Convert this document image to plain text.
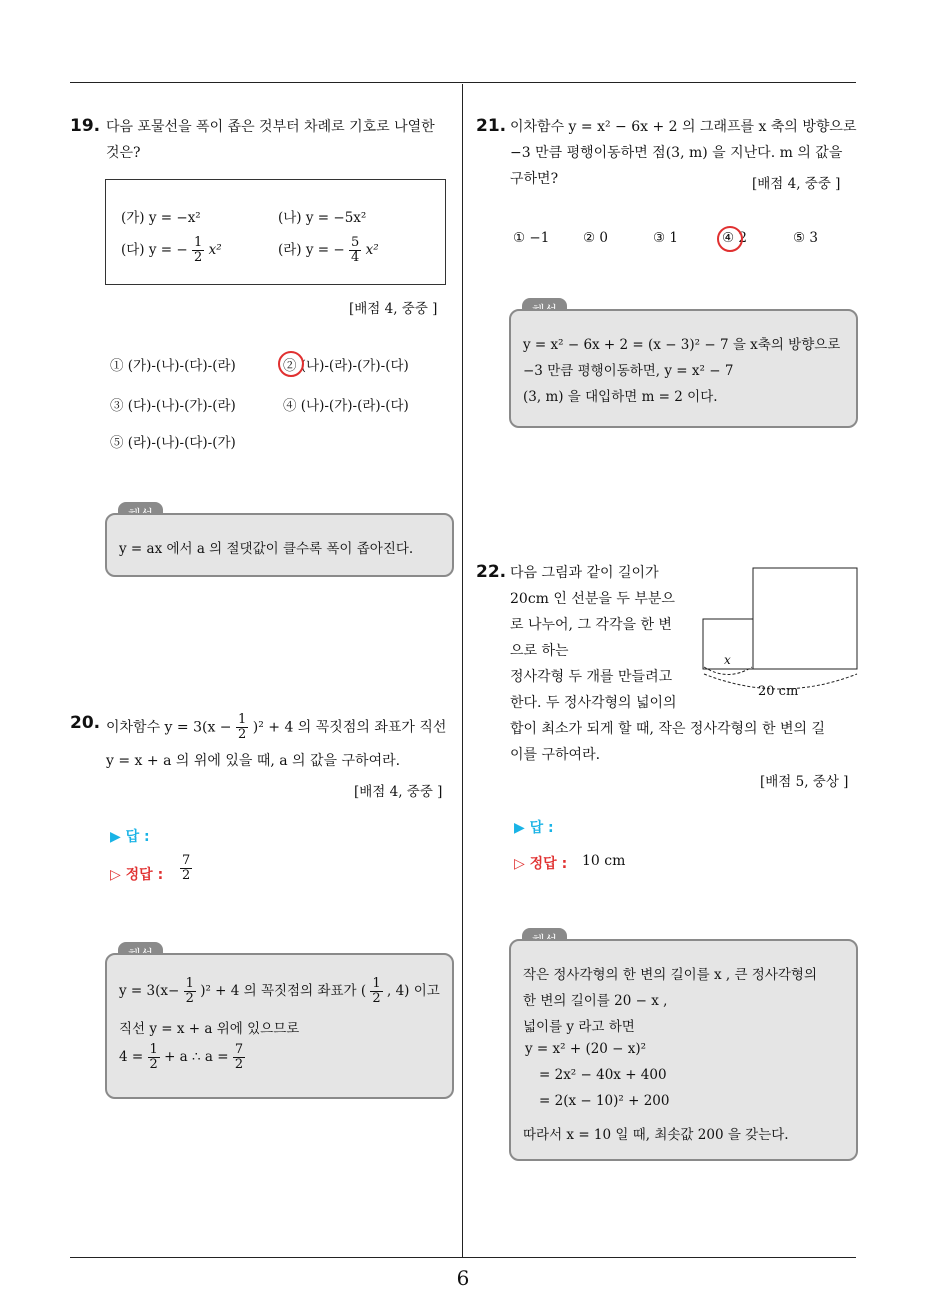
6
19. 다음 포물선을 폭이 좁은 것부터 차례로 기호로 나열한
것은?
(가) y = −x²	(나) y = −5x²
(다) y = − $\frac{1}{2} x^2$	(라) y = − $\frac{5}{4} x^2$
[배점 4, 중중 ]
① (가)-(나)-(다)-(라)	② (나)-(라)-(가)-(다)
③ (다)-(나)-(가)-(라)	④ (나)-(가)-(라)-(다)
⑤ (라)-(나)-(다)-(가)
y = ax 에서 a 의 절댓값이 클수록 폭이 좁아진다.
20. 이차함수 $y = 3(x - \frac{1}{2} )^2 + 4$ 의 꼭짓점의 좌표가 직선
y = x + a 의 위에 있을 때, a 의 값을 구하여라.
[배점 4, 중중 ]
▶ 답 :
▷ 정답 : $\frac{7}{2}$
$y = 3(x- \frac{1}{2} )^2 + 4$ 의 꼭짓점의 좌표가 ( $\frac{1}{2}$ , 4) 이고
직선 y = x + a 위에 있으므로
$4 = \frac{1}{2} + a$ ∴ $a = \frac{7}{2}$
21. 이차함수 y = x² − 6x + 2 의 그래프를 x 축의 방향으로
−3 만큼 평행이동하면 점(3, m) 을 지난다. m 의 값을
구하면?	[배점 4, 중중 ]
① −1 ② 0	③ 1	④ 2	⑤ 3
y = x² − 6x + 2 = (x − 3)² − 7 을 x축의 방향으로
−3 만큼 평행이동하면, y = x² − 7
(3, m) 을 대입하면 m = 2 이다.
22. 다음 그림과 같이 길이가
20cm 인 선분을 두 부분으
로 나누어, 그 각각을 한 변
으로 하는
정사각형 두 개를 만들려고
한다. 두 정사각형의 넓이의
합이 최소가 되게 할 때, 작은 정사각형의 한 변의 길
이를 구하여라.
x
20 cm
[배점 5, 중상 ]
▶ 답 :
▷ 정답 : 10 cm
작은 정사각형의 한 변의 길이를 x , 큰 정사각형의
한 변의 길이를 20 − x ,
넓이를 y 라고 하면
y = x² + (20 − x)²
= 2x² − 40x + 400
= 2(x − 10)² + 200
따라서 x = 10 일 때, 최솟값 200 을 갖는다.
